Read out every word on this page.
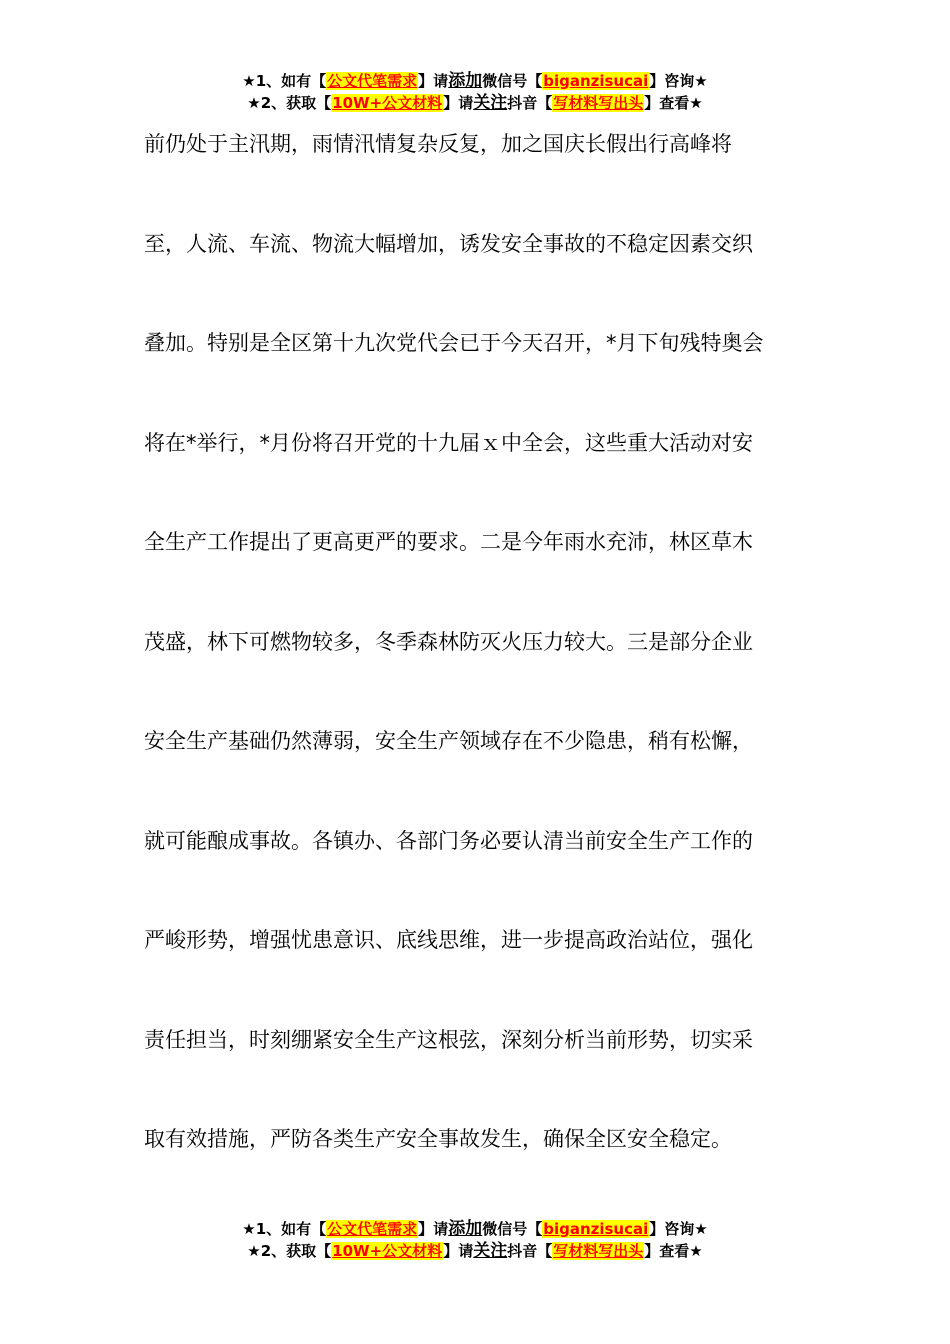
★1、如有【公文代笔需求】请添加微信号【biganzisucai】咨询★
★2、获取【10W+公文材料】请关注抖音【写材料写出头】查看★

前仍处于主汛期，雨情汛情复杂反复，加之国庆长假出行高峰将

至，人流、车流、物流大幅增加，诱发安全事故的不稳定因素交织

叠加。特别是全区第十九次党代会已于今天召开，*月下旬残特奥会

将在*举行，*月份将召开党的十九届ｘ中全会，这些重大活动对安

全生产工作提出了更高更严的要求。二是今年雨水充沛，林区草木

茂盛，林下可燃物较多，冬季森林防灭火压力较大。三是部分企业

安全生产基础仍然薄弱，安全生产领域存在不少隐患，稍有松懈，

就可能酿成事故。各镇办、各部门务必要认清当前安全生产工作的

严峻形势，增强忧患意识、底线思维，进一步提高政治站位，强化

责任担当，时刻绷紧安全生产这根弦，深刻分析当前形势，切实采

取有效措施，严防各类生产安全事故发生，确保全区安全稳定。

★1、如有【公文代笔需求】请添加微信号【biganzisucai】咨询★
★2、获取【10W+公文材料】请关注抖音【写材料写出头】查看★
